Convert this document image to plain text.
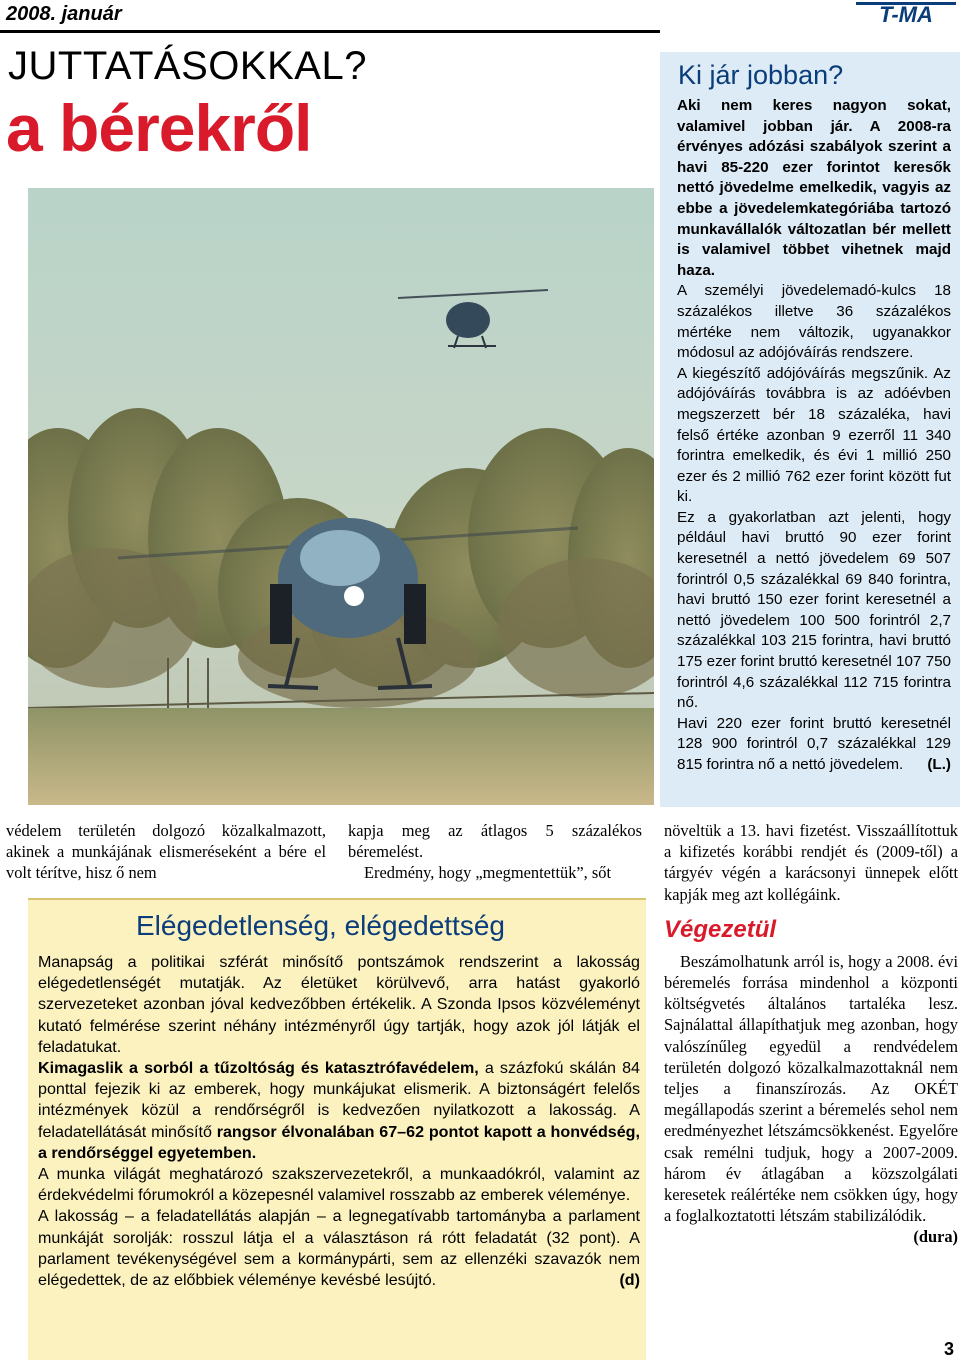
2008. január	T-MA
JUTTATÁSOKKAL?
a bérekről
Ki jár jobban?

Aki nem keres nagyon sokat, valamivel jobban jár. A 2008-ra érvényes adózási szabályok szerint a havi 85-220 ezer forintot keresők nettó jövedelme emelkedik, vagyis az ebbe a jövedelemkategóriába tartozó munkavállalók változatlan bér mellett is valamivel többet vihetnek majd haza.

A személyi jövedelemadó-kulcs 18 százalékos illetve 36 százalékos mértéke nem változik, ugyanakkor módosul az adójóváírás rendszere.

A kiegészítő adójóváírás megszűnik. Az adójóváírás továbbra is az adóévben megszerzett bér 18 százaléka, havi felső értéke azonban 9 ezerről 11 340 forintra emelkedik, és évi 1 millió 250 ezer és 2 millió 762 ezer forint között fut ki.

Ez a gyakorlatban azt jelenti, hogy például havi bruttó 90 ezer forint keresetnél a nettó jövedelem 69 507 forintról 0,5 százalékkal 69 840 forintra, havi bruttó 150 ezer forint keresetnél a nettó jövedelem 100 500 forintról 2,7 százalékkal 103 215 forintra, havi bruttó 175 ezer forint bruttó keresetnél 107 750 forintról 4,6 százalékkal 112 715 forintra nő.

Havi 220 ezer forint bruttó keresetnél 128 900 forintról 0,7 százalékkal 129 815 forintra nő a nettó jövedelem. (L.)

védelem területén dolgozó közalkalmazott, akinek a munkájának elismeréseként a bére el volt térítve, hisz ő nem

kapja meg az átlagos 5 százalékos béremelést.

Eredmény, hogy „megmentettük”, sőt

növeltük a 13. havi fizetést. Visszaállítottuk a kifizetés korábbi rendjét és (2009-től) a tárgyév végén a karácsonyi ünnepek előtt kapják meg azt kollégáink.

Végezetül

Beszámolhatunk arról is, hogy a 2008. évi béremelés forrása mindenhol a központi költségvetés általános tartaléka lesz. Sajnálattal állapíthatjuk meg azonban, hogy valószínűleg egyedül a rendvédelem területén dolgozó közalkalmazottaknál nem teljes a finanszírozás. Az OKÉT megállapodás szerint a béremelés sehol nem eredményezhet létszámcsökkenést. Egyelőre csak remélni tudjuk, hogy a 2007-2009. három év átlagában a közszolgálati keresetek reálértéke nem csökken úgy, hogy a foglalkoztatotti létszám stabilizálódik.
(dura)

Elégedetlenség, elégedettség

Manapság a politikai szférát minősítő pontszámok rendszerint a lakosság elégedetlenségét mutatják. Az életüket körülvevő, arra hatást gyakorló szervezeteket azonban jóval kedvezőbben értékelik. A Szonda Ipsos közvéleményt kutató felmérése szerint néhány intézményről úgy tartják, hogy azok jól látják el feladatukat.

Kimagaslik a sorból a tűzoltóság és katasztrófavédelem, a százfokú skálán 84 ponttal fejezik ki az emberek, hogy munkájukat elismerik. A biztonságért felelős intézmények közül a rendőrségről is kedvezően nyilatkozott a lakosság. A feladatellátását minősítő rangsor élvonalában 67–62 pontot kapott a honvédség, a rendőrséggel egyetemben.

A munka világát meghatározó szakszervezetekről, a munkaadókról, valamint az érdekvédelmi fórumokról a közepesnél valamivel rosszabb az emberek véleménye.

A lakosság – a feladatellátás alapján – a legnegatívabb tartományba a parlament munkáját sorolják: rosszul látja el a választáson rá rótt feladatát (32 pont). A parlament tevékenységével sem a kormánypárti, sem az ellenzéki szavazók nem elégedettek, de az előbbiek véleménye kevésbé lesújtó.	(d)

3
